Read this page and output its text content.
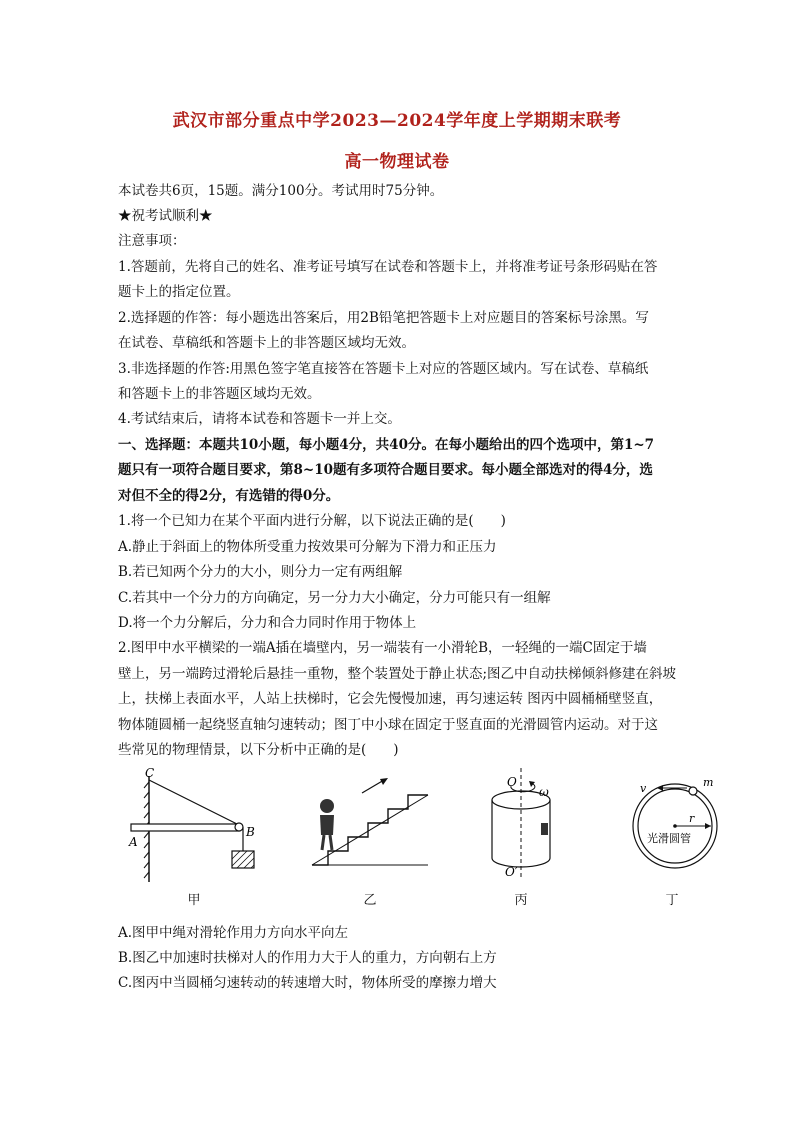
武汉市部分重点中学2023—2024学年度上学期期末联考
高一物理试卷
本试卷共6页，15题。满分100分。考试用时75分钟。
★祝考试顺利★
注意事项：
1.答题前，先将自己的姓名、准考证号填写在试卷和答题卡上，并将准考证号条形码贴在答
题卡上的指定位置。
2.选择题的作答：每小题选出答案后，用2B铅笔把答题卡上对应题目的答案标号涂黑。写
在试卷、草稿纸和答题卡上的非答题区域均无效。
3.非选择题的作答:用黑色签字笔直接答在答题卡上对应的答题区域内。写在试卷、草稿纸
和答题卡上的非答题区域均无效。
4.考试结束后，请将本试卷和答题卡一并上交。
一、选择题：本题共10小题，每小题4分，共40分。在每小题给出的四个选项中，第1~7
题只有一项符合题目要求，第8~10题有多项符合题目要求。每小题全部选对的得4分，选
对但不全的得2分，有选错的得0分。
1.将一个已知力在某个平面内进行分解，以下说法正确的是(　　)
A.静止于斜面上的物体所受重力按效果可分解为下滑力和正压力
B.若已知两个分力的大小，则分力一定有两组解
C.若其中一个分力的方向确定，另一分力大小确定，分力可能只有一组解
D.将一个力分解后，分力和合力同时作用于物体上
2.图甲中水平横梁的一端A插在墙壁内，另一端装有一小滑轮B，一轻绳的一端C固定于墙
壁上，另一端跨过滑轮后悬挂一重物，整个装置处于静止状态;图乙中自动扶梯倾斜修建在斜坡
上，扶梯上表面水平，人站上扶梯时，它会先慢慢加速，再匀速运转 图丙中圆桶桶壁竖直，
物体随圆桶一起绕竖直轴匀速转动；图丁中小球在固定于竖直面的光滑圆管内运动。对于这
些常见的物理情景，以下分析中正确的是(　　)
C
A
B
O
ω
O′
v	m
r
光滑圆管
甲	乙	丙	丁
A.图甲中绳对滑轮作用力方向水平向左
B.图乙中加速时扶梯对人的作用力大于人的重力，方向朝右上方
C.图丙中当圆桶匀速转动的转速增大时，物体所受的摩擦力增大
